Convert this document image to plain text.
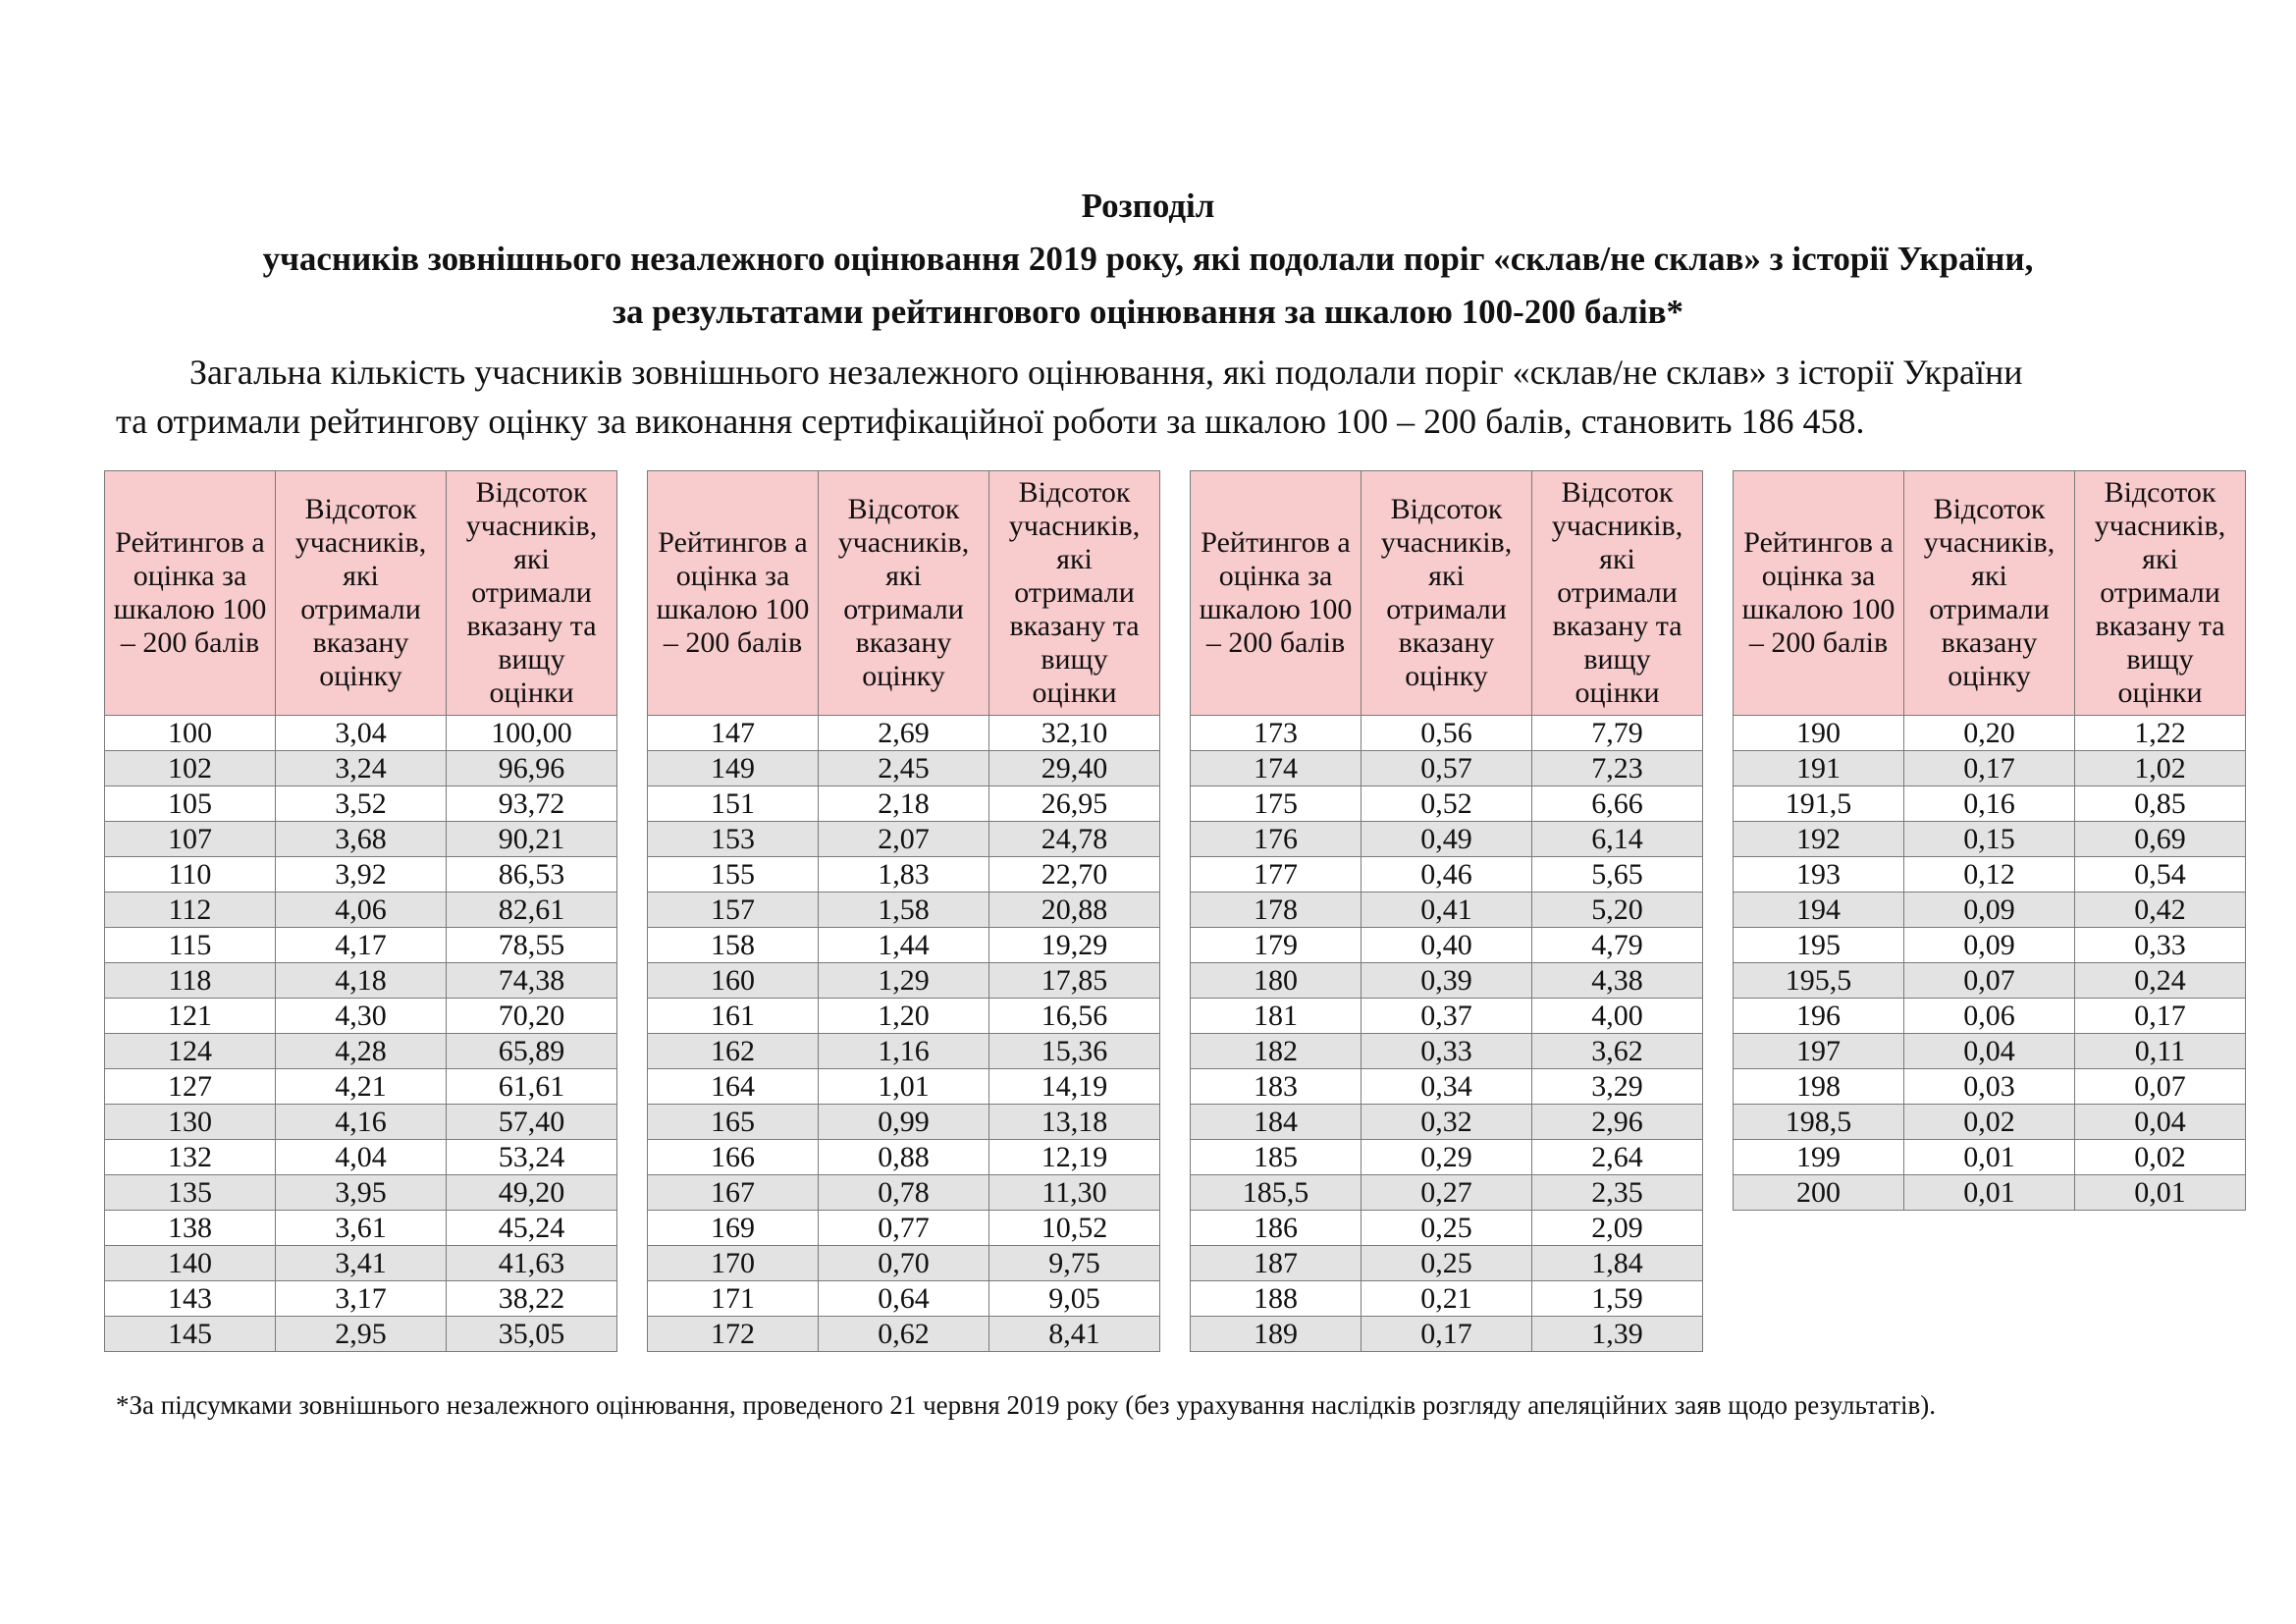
Розподіл
учасників зовнішнього незалежного оцінювання 2019 року, які подолали поріг «склав/не склав» з історії України,
за результатами рейтингового оцінювання за шкалою 100-200 балів*
Загальна кількість учасників зовнішнього незалежного оцінювання, які подолали поріг «склав/не склав» з історії України
та отримали рейтингову оцінку за виконання сертифікаційної роботи за шкалою 100 – 200 балів, становить 186 458.
Рейтингов а оцінка за шкалою 100 – 200 балів	Відсоток учасників, які отримали вказану оцінку	Відсоток учасників, які отримали вказану та вищу оцінки
100	3,04	100,00
102	3,24	96,96
105	3,52	93,72
107	3,68	90,21
110	3,92	86,53
112	4,06	82,61
115	4,17	78,55
118	4,18	74,38
121	4,30	70,20
124	4,28	65,89
127	4,21	61,61
130	4,16	57,40
132	4,04	53,24
135	3,95	49,20
138	3,61	45,24
140	3,41	41,63
143	3,17	38,22
145	2,95	35,05
Рейтингов а оцінка за шкалою 100 – 200 балів	Відсоток учасників, які отримали вказану оцінку	Відсоток учасників, які отримали вказану та вищу оцінки
147	2,69	32,10
149	2,45	29,40
151	2,18	26,95
153	2,07	24,78
155	1,83	22,70
157	1,58	20,88
158	1,44	19,29
160	1,29	17,85
161	1,20	16,56
162	1,16	15,36
164	1,01	14,19
165	0,99	13,18
166	0,88	12,19
167	0,78	11,30
169	0,77	10,52
170	0,70	9,75
171	0,64	9,05
172	0,62	8,41
Рейтингов а оцінка за шкалою 100 – 200 балів	Відсоток учасників, які отримали вказану оцінку	Відсоток учасників, які отримали вказану та вищу оцінки
173	0,56	7,79
174	0,57	7,23
175	0,52	6,66
176	0,49	6,14
177	0,46	5,65
178	0,41	5,20
179	0,40	4,79
180	0,39	4,38
181	0,37	4,00
182	0,33	3,62
183	0,34	3,29
184	0,32	2,96
185	0,29	2,64
185,5	0,27	2,35
186	0,25	2,09
187	0,25	1,84
188	0,21	1,59
189	0,17	1,39
Рейтингов а оцінка за шкалою 100 – 200 балів	Відсоток учасників, які отримали вказану оцінку	Відсоток учасників, які отримали вказану та вищу оцінки
190	0,20	1,22
191	0,17	1,02
191,5	0,16	0,85
192	0,15	0,69
193	0,12	0,54
194	0,09	0,42
195	0,09	0,33
195,5	0,07	0,24
196	0,06	0,17
197	0,04	0,11
198	0,03	0,07
198,5	0,02	0,04
199	0,01	0,02
200	0,01	0,01
*За підсумками зовнішнього незалежного оцінювання, проведеного 21 червня 2019 року (без урахування наслідків розгляду апеляційних заяв щодо результатів).
